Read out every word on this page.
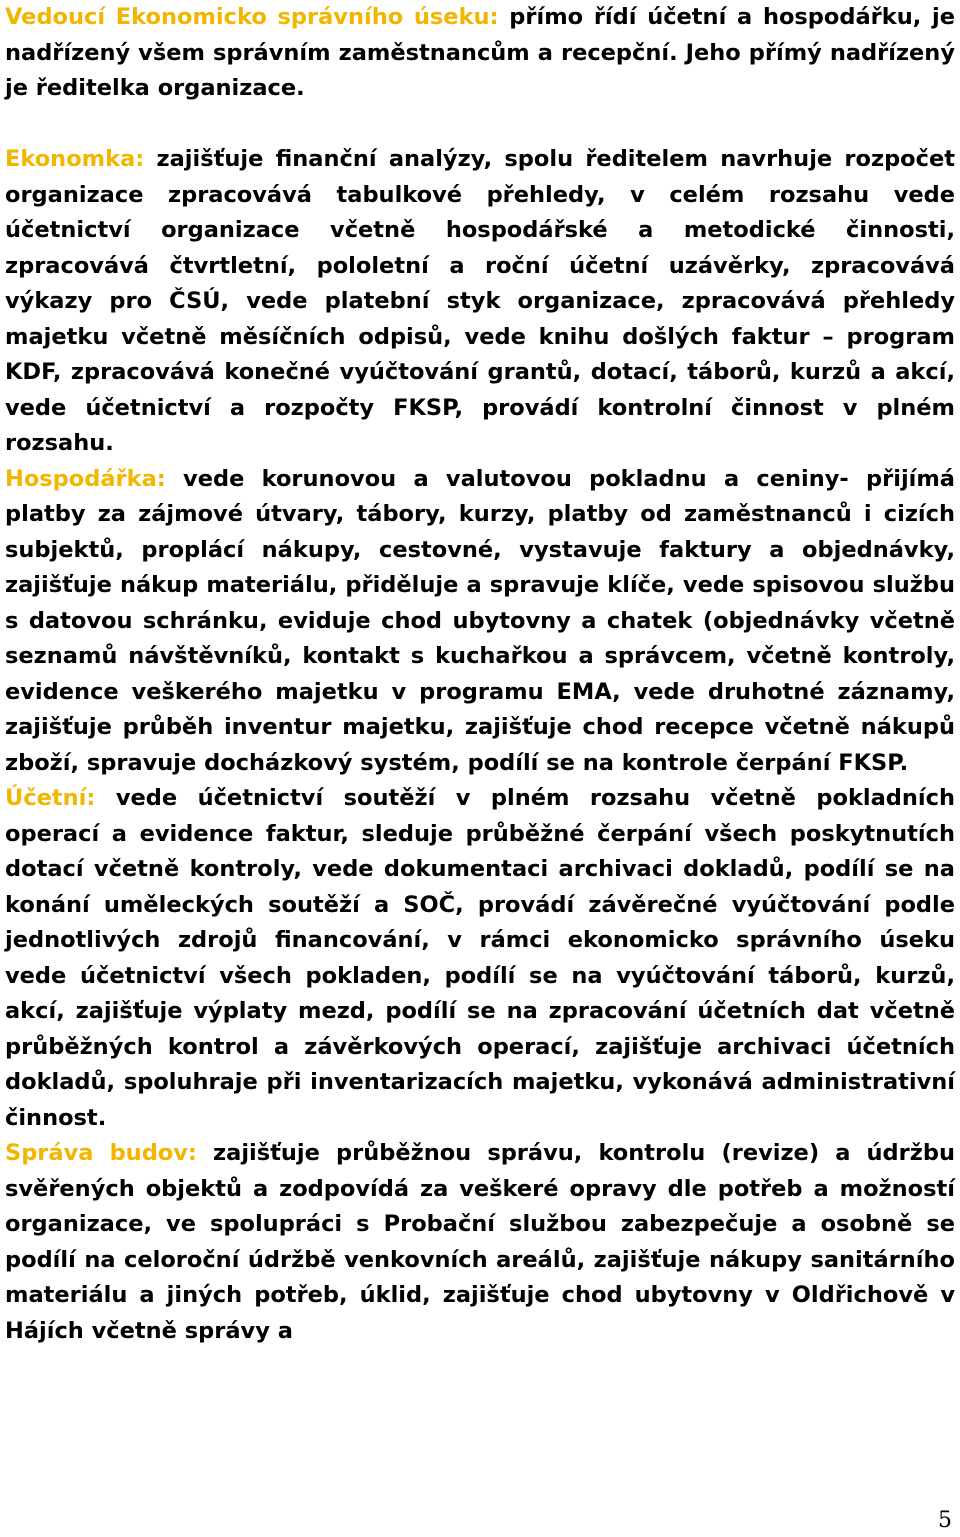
Vedoucí Ekonomicko správního úseku: přímo řídí účetní a hospodářku, je nadřízený všem správním zaměstnancům a recepční. Jeho přímý nadřízený je ředitelka organizace.

Ekonomka: zajišťuje finanční analýzy, spolu ředitelem navrhuje rozpočet organizace zpracovává tabulkové přehledy, v celém rozsahu vede účetnictví organizace včetně hospodářské a metodické činnosti, zpracovává čtvrtletní, pololetní a roční účetní uzávěrky, zpracovává výkazy pro ČSÚ, vede platební styk organizace, zpracovává přehledy majetku včetně měsíčních odpisů, vede knihu došlých faktur – program KDF, zpracovává konečné vyúčtování grantů, dotací, táborů, kurzů a akcí, vede účetnictví a rozpočty FKSP, provádí kontrolní činnost v plném rozsahu.

Hospodářka: vede korunovou a valutovou pokladnu a ceniny- přijímá platby za zájmové útvary, tábory, kurzy, platby od zaměstnanců i cizích subjektů, proplácí nákupy, cestovné, vystavuje faktury a objednávky, zajišťuje nákup materiálu, přiděluje a spravuje klíče, vede spisovou službu s datovou schránku, eviduje chod ubytovny a chatek (objednávky včetně seznamů návštěvníků, kontakt s kuchařkou a správcem, včetně kontroly, evidence veškerého majetku v programu EMA, vede druhotné záznamy, zajišťuje průběh inventur majetku, zajišťuje chod recepce včetně nákupů zboží, spravuje docházkový systém, podílí se na kontrole čerpání FKSP.

Účetní: vede účetnictví soutěží v plném rozsahu včetně pokladních operací a evidence faktur, sleduje průběžné čerpání všech poskytnutích dotací včetně kontroly, vede dokumentaci archivaci dokladů, podílí se na konání uměleckých soutěží a SOČ, provádí závěrečné vyúčtování podle jednotlivých zdrojů financování, v rámci ekonomicko správního úseku vede účetnictví všech pokladen, podílí se na vyúčtování táborů, kurzů, akcí, zajišťuje výplaty mezd, podílí se na zpracování účetních dat včetně průběžných kontrol a závěrkových operací, zajišťuje archivaci účetních dokladů, spoluhraje při inventarizacích majetku, vykonává administrativní činnost.

Správa budov: zajišťuje průběžnou správu, kontrolu (revize) a údržbu svěřených objektů a zodpovídá za veškeré opravy dle potřeb a možností organizace, ve spolupráci s Probační službou zabezpečuje a osobně se podílí na celoroční údržbě venkovních areálů, zajišťuje nákupy sanitárního materiálu a jiných potřeb, úklid, zajišťuje chod ubytovny v Oldřichově v Hájích včetně správy a

5
